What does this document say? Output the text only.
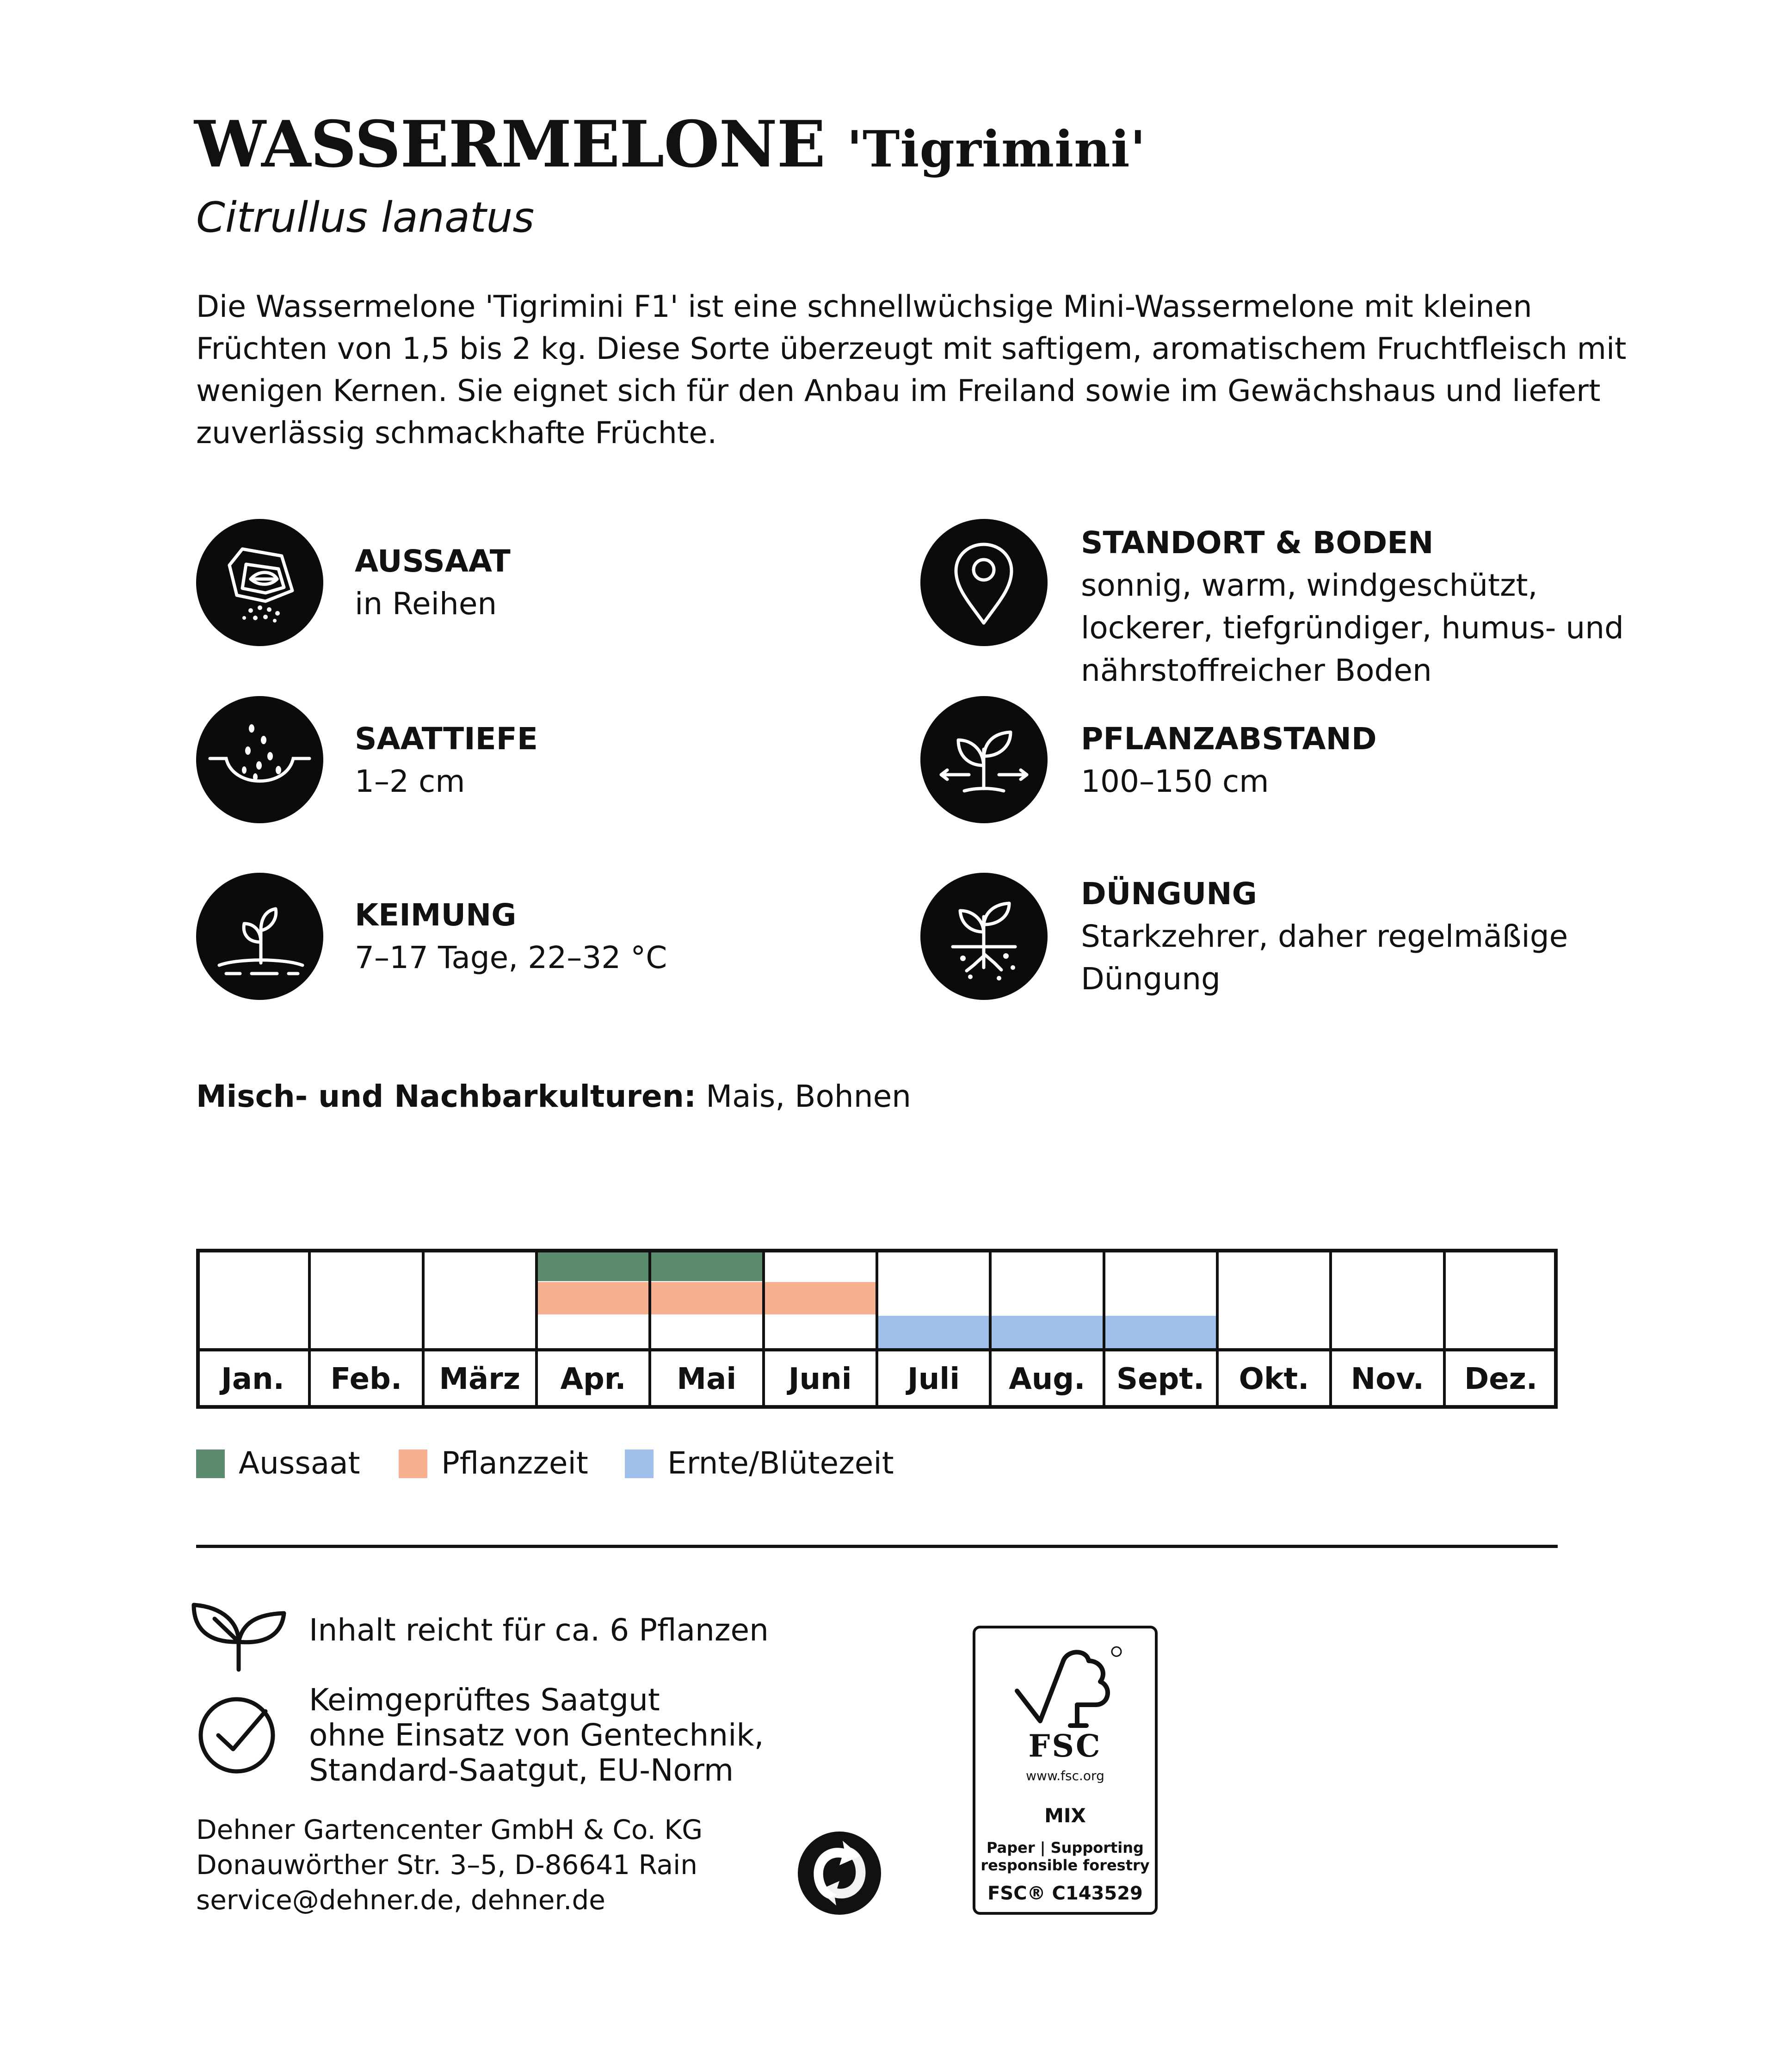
WASSERMELONE 'Tigrimini'
Citrullus lanatus
Die Wassermelone 'Tigrimini F1' ist eine schnellwüchsige Mini-Wassermelone mit kleinen Früchten von 1,5 bis 2 kg. Diese Sorte überzeugt mit saftigem, aromatischem Fruchtfleisch mit wenigen Kernen. Sie eignet sich für den Anbau im Freiland sowie im Gewächshaus und liefert zuverlässig schmackhafte Früchte.
AUSSAAT
in Reihen
SAATTIEFE
1–2 cm
KEIMUNG
7–17 Tage, 22–32 °C
STANDORT & BODEN
sonnig, warm, windgeschützt,
lockerer, tiefgründiger, humus- und
nährstoffreicher Boden
PFLANZABSTAND
100–150 cm
DÜNGUNG
Starkzehrer, daher regelmäßige
Düngung
Misch- und Nachbarkulturen: Mais, Bohnen
Jan.	Feb.	März	Apr.	Mai	Juni	Juli	Aug.	Sept.	Okt.	Nov.	Dez.
Aussaat	Pflanzzeit	Ernte/Blütezeit
Inhalt reicht für ca. 6 Pflanzen
Keimgeprüftes Saatgut
ohne Einsatz von Gentechnik,
Standard-Saatgut, EU-Norm
Dehner Gartencenter GmbH & Co. KG
Donauwörther Str. 3–5, D-86641 Rain
service@dehner.de, dehner.de
FSC
www.fsc.org
MIX
Paper | Supporting
responsible forestry
FSC® C143529
